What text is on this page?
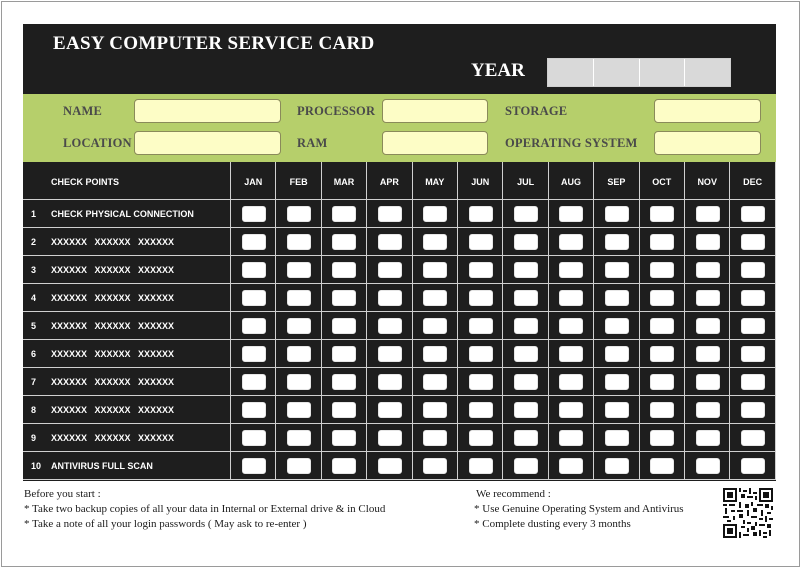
EASY COMPUTER SERVICE CARD
YEAR
NAME
LOCATION
PROCESSOR
RAM
STORAGE
OPERATING SYSTEM
CHECK POINTS	JAN	FEB	MAR	APR	MAY	JUN	JUL	AUG	SEP	OCT	NOV	DEC
1 CHECK PHYSICAL CONNECTION
2 XXXXXX   XXXXXX   XXXXXX
3 XXXXXX   XXXXXX   XXXXXX
4 XXXXXX   XXXXXX   XXXXXX
5 XXXXXX   XXXXXX   XXXXXX
6 XXXXXX   XXXXXX   XXXXXX
7 XXXXXX   XXXXXX   XXXXXX
8 XXXXXX   XXXXXX   XXXXXX
9 XXXXXX   XXXXXX   XXXXXX
10 ANTIVIRUS FULL SCAN
Before you start :
* Take two backup copies of all your data in Internal or External drive & in Cloud
* Take a note of all your login passwords ( May ask to re-enter )
We recommend :
* Use Genuine Operating System and Antivirus
* Complete dusting every 3 months
